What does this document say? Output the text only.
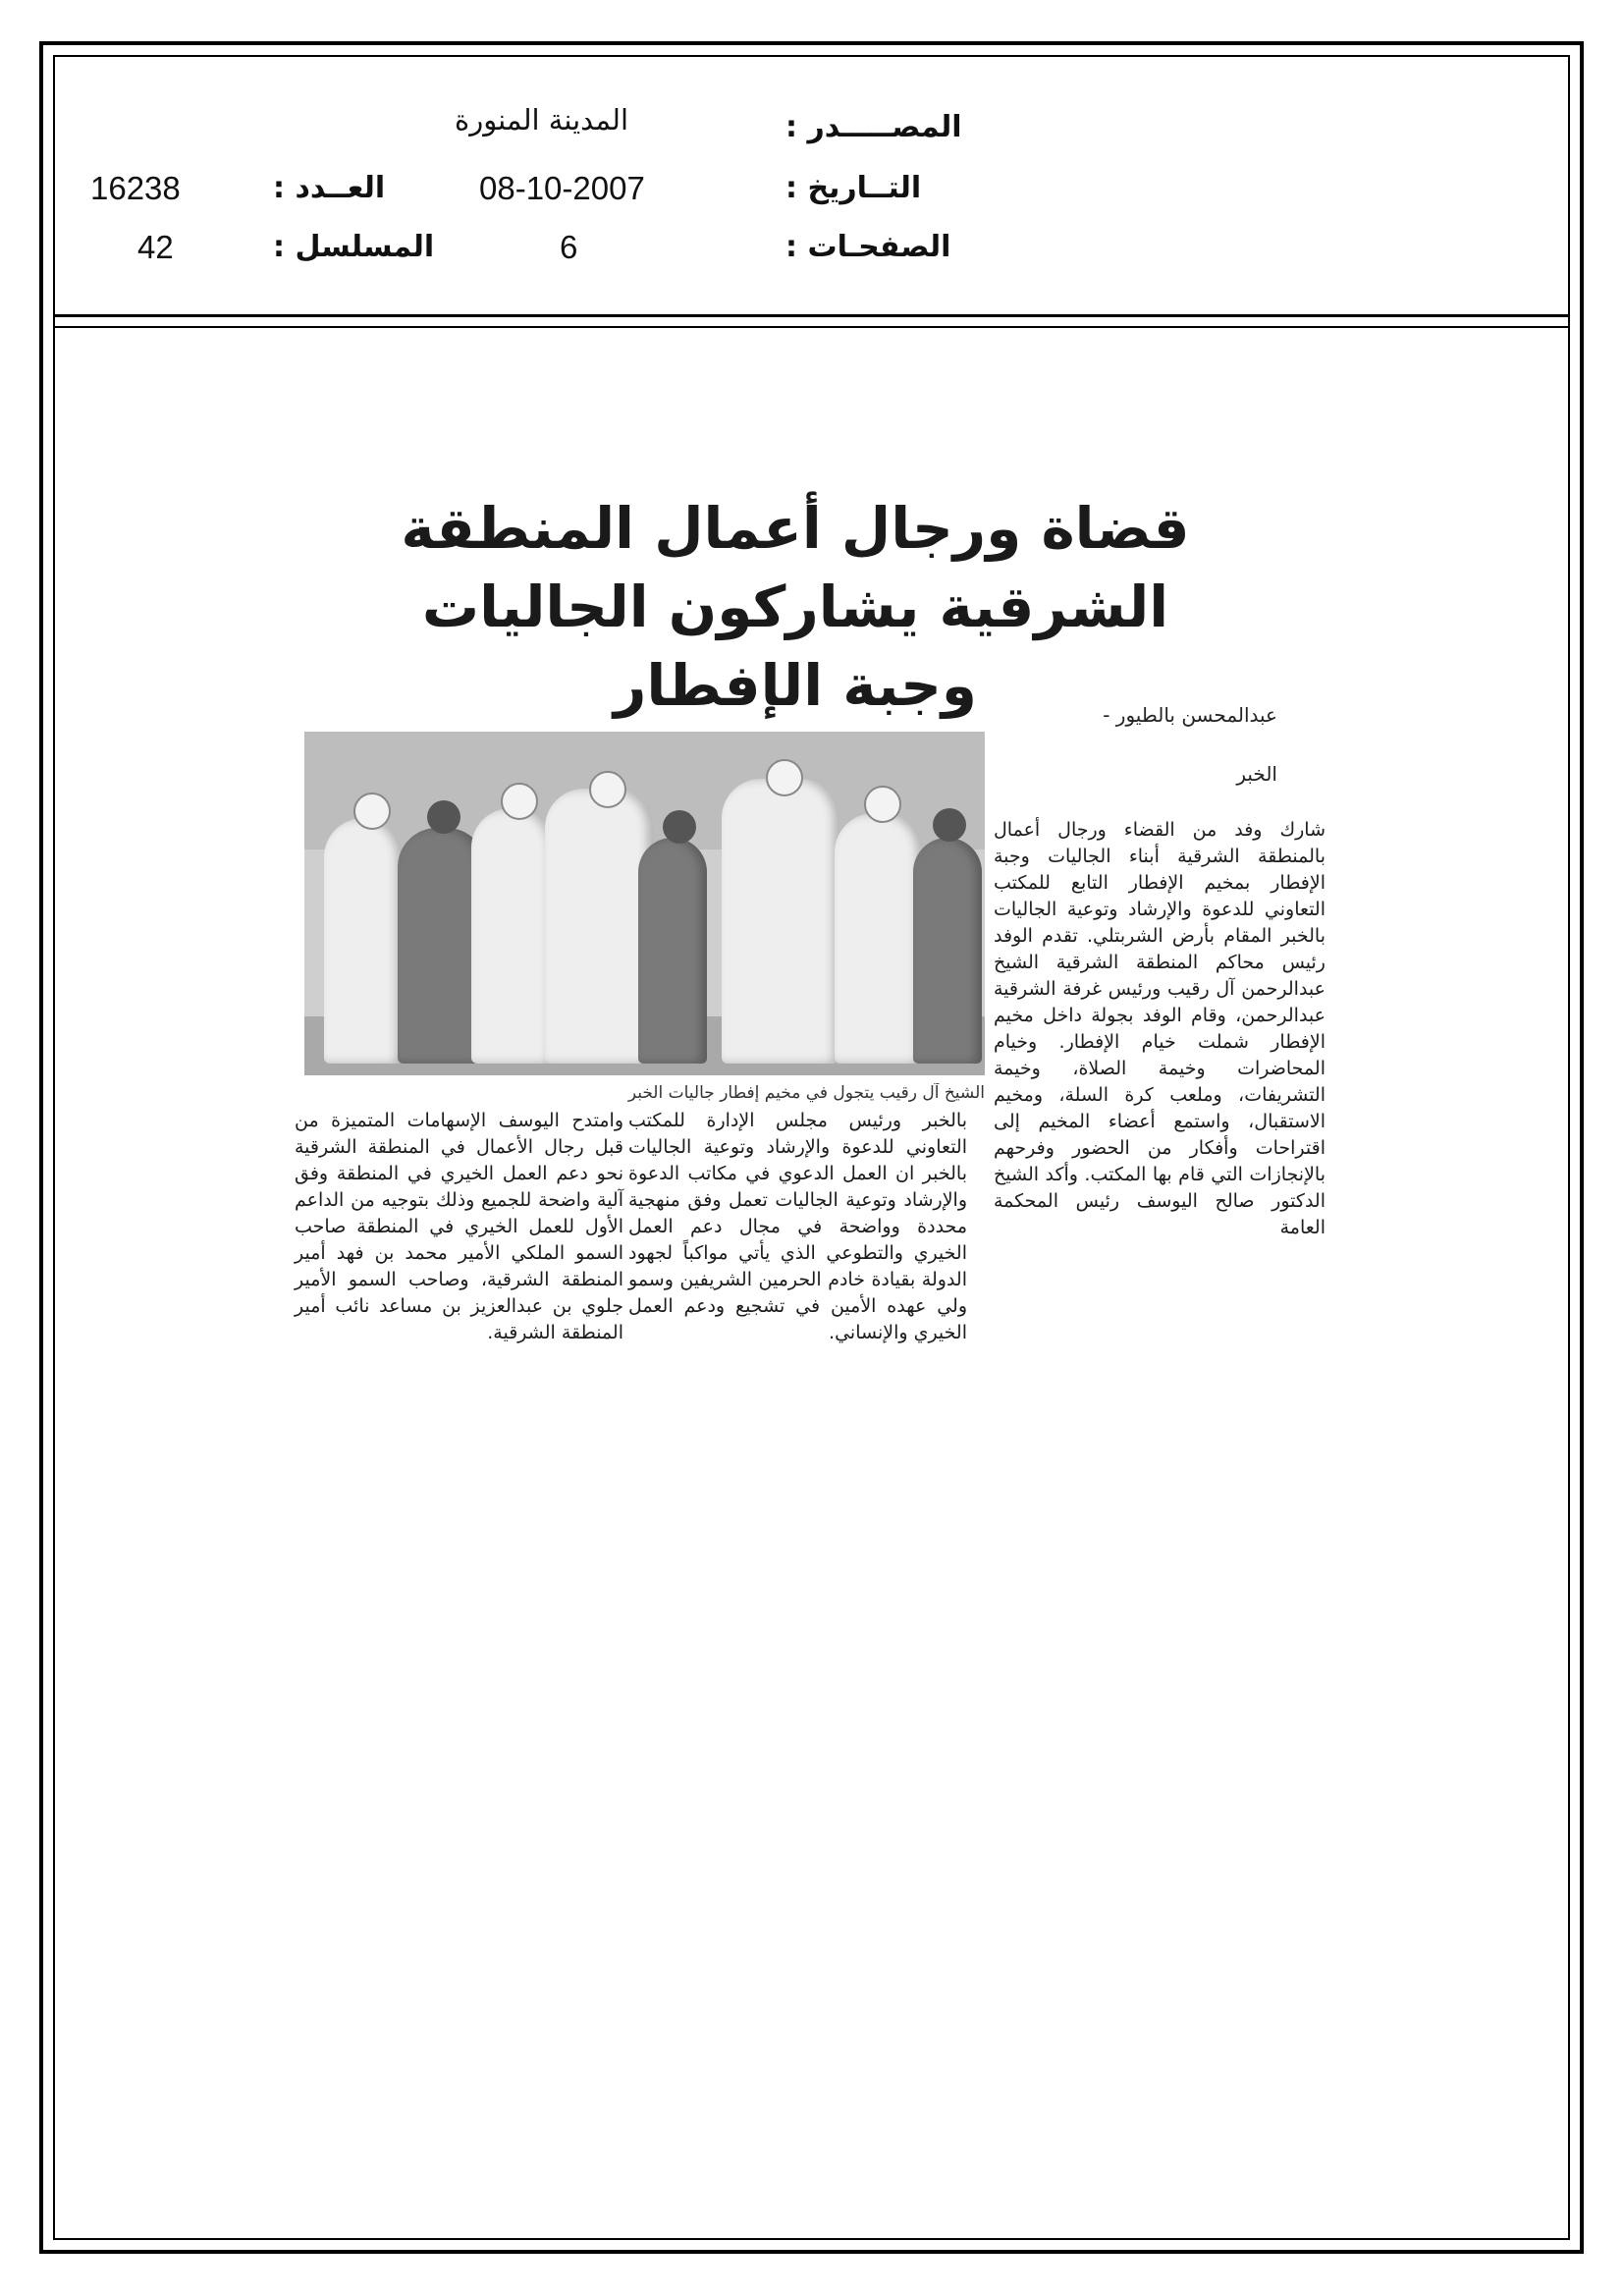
المصـــــدر :
المدينة المنورة
التــاريخ :
08-10-2007
العــدد :
16238
الصفحـات :
6
المسلسل :
42
قضاة ورجال أعمال المنطقة
الشرقية يشاركون الجاليات وجبة الإفطار	عبدالمحسن بالطيور -
الخبر
الشيخ آل رقيب يتجول في مخيم إفطار جاليات الخبر
شارك وفد من القضاء ورجال أعمال بالمنطقة الشرقية أبناء الجاليات وجبة الإفطار بمخيم الإفطار التابع للمكتب التعاوني للدعوة والإرشاد وتوعية الجاليات بالخبر المقام بأرض الشربتلي. تقدم الوفد رئيس محاكم المنطقة الشرقية الشيخ عبدالرحمن آل رقيب ورئيس غرفة الشرقية عبدالرحمن، وقام الوفد بجولة داخل مخيم الإفطار شملت خيام الإفطار. وخيام المحاضرات وخيمة الصلاة، وخيمة التشريفات، وملعب كرة السلة، ومخيم الاستقبال، واستمع أعضاء المخيم إلى اقتراحات وأفكار من الحضور وفرحهم بالإنجازات التي قام بها المكتب. وأكد الشيخ الدكتور صالح اليوسف رئيس المحكمة العامة
بالخبر ورئيس مجلس الإدارة للمكتب التعاوني للدعوة والإرشاد وتوعية الجاليات بالخبر ان العمل الدعوي في مكاتب الدعوة والإرشاد وتوعية الجاليات تعمل وفق منهجية محددة وواضحة في مجال دعم العمل الخيري والتطوعي الذي يأتي مواكباً لجهود الدولة بقيادة خادم الحرمين الشريفين وسمو ولي عهده الأمين في تشجيع ودعم العمل الخيري والإنساني.
وامتدح اليوسف الإسهامات المتميزة من قبل رجال الأعمال في المنطقة الشرقية نحو دعم العمل الخيري في المنطقة وفق آلية واضحة للجميع وذلك بتوجيه من الداعم الأول للعمل الخيري في المنطقة صاحب السمو الملكي الأمير محمد بن فهد أمير المنطقة الشرقية، وصاحب السمو الأمير جلوي بن عبدالعزيز بن مساعد نائب أمير المنطقة الشرقية.
